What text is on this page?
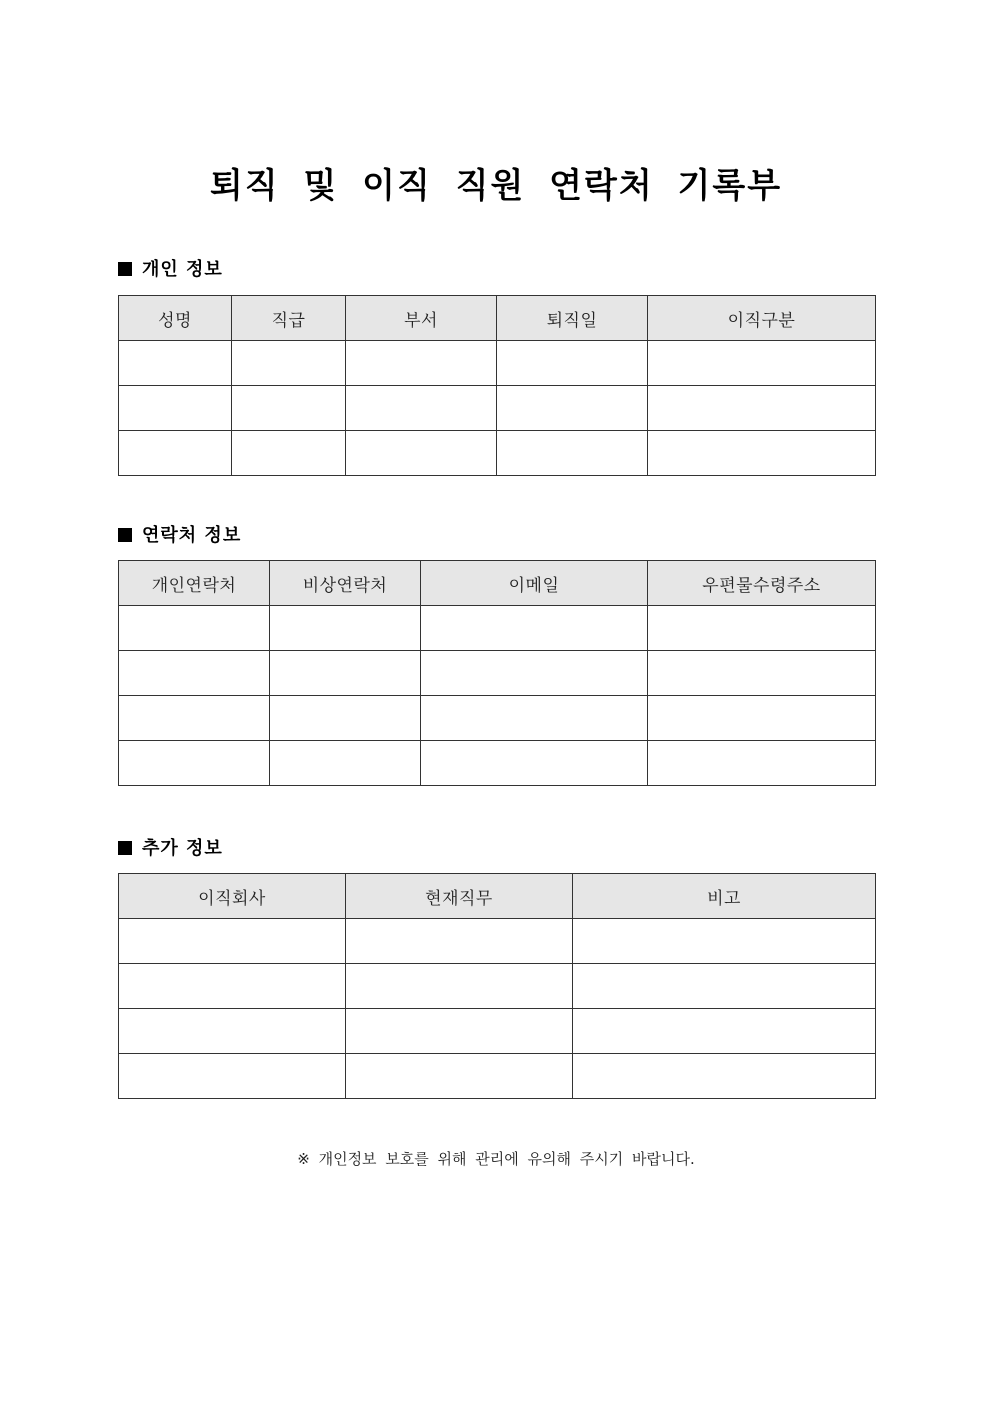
퇴직 및 이직 직원 연락처 기록부
개인 정보
성명	직급	부서	퇴직일	이직구분

연락처 정보
개인연락처	비상연락처	이메일	우편물수령주소

추가 정보
이직회사	현재직무	비고

※ 개인정보 보호를 위해 관리에 유의해 주시기 바랍니다.
